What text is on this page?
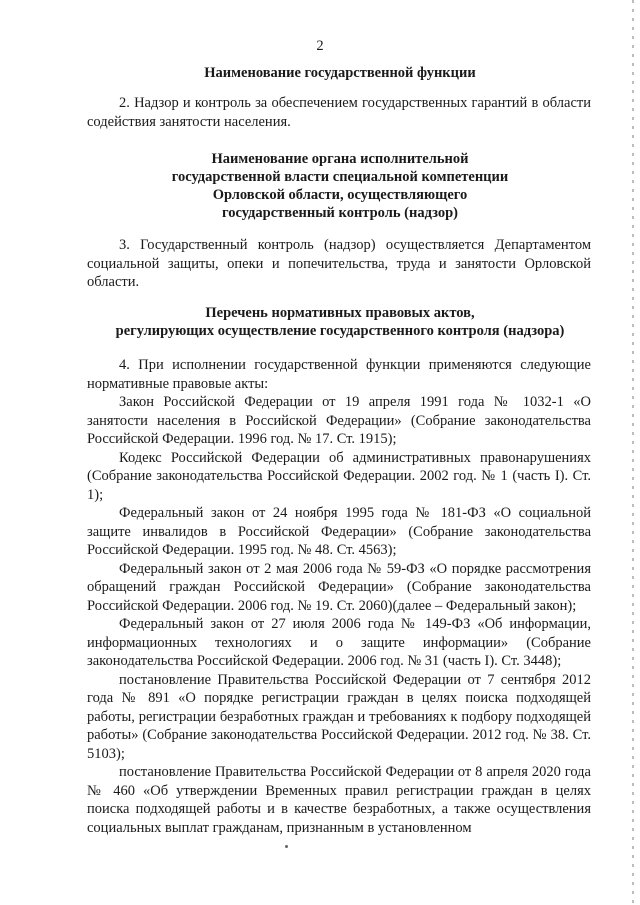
2
Наименование государственной функции

2. Надзор и контроль за обеспечением государственных гарантий в области содействия занятости населения.

Наименование органа исполнительной
государственной власти специальной компетенции
Орловской области, осуществляющего
государственный контроль (надзор)

3. Государственный контроль (надзор) осуществляется Департаментом социальной защиты, опеки и попечительства, труда и занятости Орловской области.

Перечень нормативных правовых актов,
регулирующих осуществление государственного контроля (надзора)

4. При исполнении государственной функции применяются следующие нормативные правовые акты:

Закон Российской Федерации от 19 апреля 1991 года № 1032-1 «О занятости населения в Российской Федерации» (Собрание законодательства Российской Федерации. 1996 год. № 17. Ст. 1915);

Кодекс Российской Федерации об административных правонарушениях (Собрание законодательства Российской Федерации. 2002 год. № 1 (часть I). Ст. 1);

Федеральный закон от 24 ноября 1995 года № 181-ФЗ «О социальной защите инвалидов в Российской Федерации» (Собрание законодательства Российской Федерации. 1995 год. № 48. Ст. 4563);

Федеральный закон от 2 мая 2006 года № 59-ФЗ «О порядке рассмотрения обращений граждан Российской Федерации» (Собрание законодательства Российской Федерации. 2006 год. № 19. Ст. 2060)(далее – Федеральный закон);

Федеральный закон от 27 июля 2006 года № 149-ФЗ «Об информации, информационных технологиях и о защите информации» (Собрание законодательства Российской Федерации. 2006 год. № 31 (часть I). Ст. 3448);

постановление Правительства Российской Федерации от 7 сентября 2012 года № 891 «О порядке регистрации граждан в целях поиска подходящей работы, регистрации безработных граждан и требованиях к подбору подходящей работы» (Собрание законодательства Российской Федерации. 2012 год. № 38. Ст. 5103);

постановление Правительства Российской Федерации от 8 апреля 2020 года № 460 «Об утверждении Временных правил регистрации граждан в целях поиска подходящей работы и в качестве безработных, а также осуществления социальных выплат гражданам, признанным в установленном
